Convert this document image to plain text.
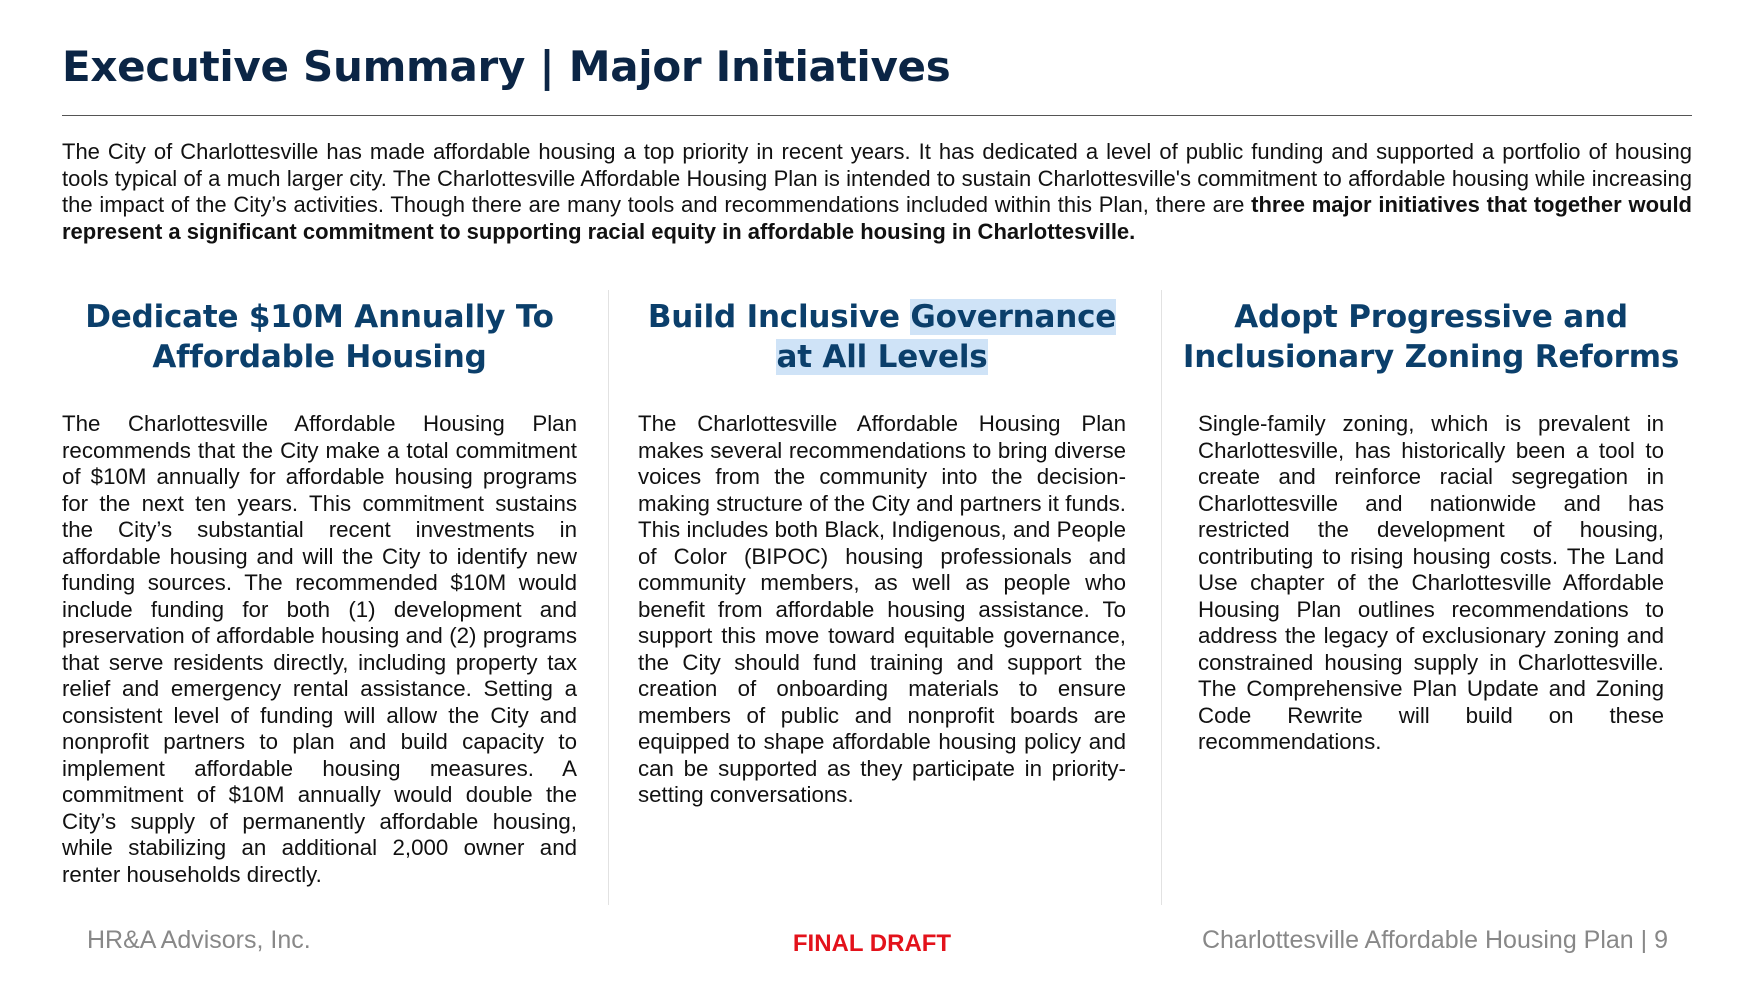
Executive Summary | Major Initiatives
The City of Charlottesville has made affordable housing a top priority in recent years. It has dedicated a level of public funding and supported a portfolio of housing tools typical of a much larger city. The Charlottesville Affordable Housing Plan is intended to sustain Charlottesville's commitment to affordable housing while increasing the impact of the City’s activities. Though there are many tools and recommendations included within this Plan, there are three major initiatives that together would represent a significant commitment to supporting racial equity in affordable housing in Charlottesville.
Dedicate $10M Annually To
Affordable Housing
The Charlottesville Affordable Housing Plan recommends that the City make a total commitment of $10M annually for affordable housing programs for the next ten years. This commitment sustains the City’s substantial recent investments in affordable housing and will the City to identify new funding sources. The recommended $10M would include funding for both (1) development and preservation of affordable housing and (2) programs that serve residents directly, including property tax relief and emergency rental assistance. Setting a consistent level of funding will allow the City and nonprofit partners to plan and build capacity to implement affordable housing measures. A commitment of $10M annually would double the City’s supply of permanently affordable housing, while stabilizing an additional 2,000 owner and renter households directly.
Build Inclusive Governance
at All Levels
The Charlottesville Affordable Housing Plan makes several recommendations to bring diverse voices from the community into the decision-making structure of the City and partners it funds. This includes both Black, Indigenous, and People of Color (BIPOC) housing professionals and community members, as well as people who benefit from affordable housing assistance. To support this move toward equitable governance, the City should fund training and support the creation of onboarding materials to ensure members of public and nonprofit boards are equipped to shape affordable housing policy and can be supported as they participate in priority-setting conversations.
Adopt Progressive and
Inclusionary Zoning Reforms
Single-family zoning, which is prevalent in Charlottesville, has historically been a tool to create and reinforce racial segregation in Charlottesville and nationwide and has restricted the development of housing, contributing to rising housing costs. The Land Use chapter of the Charlottesville Affordable Housing Plan outlines recommendations to address the legacy of exclusionary zoning and constrained housing supply in Charlottesville. The Comprehensive Plan Update and Zoning Code Rewrite will build on these recommendations.
HR&A Advisors, Inc.	FINAL DRAFT	Charlottesville Affordable Housing Plan | 9
